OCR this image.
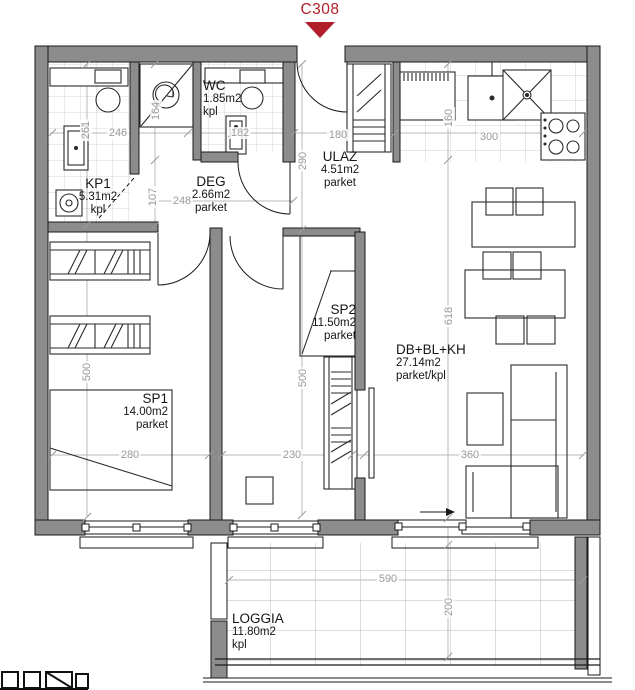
C308
KP1
5.31m2
kpl
WC
1.85m2
kpl
DEG
2.66m2
parket
ULAZ
4.51m2
parket
SP2
11.50m2
parket
SP1
14.00m2
parket
DB+BL+KH
27.14m2
parket/kpl
LOGGIA
11.80m2
kpl
246
261
164
182	180
290
160
300
107 248
500	500
618
280	230	360
590
200
